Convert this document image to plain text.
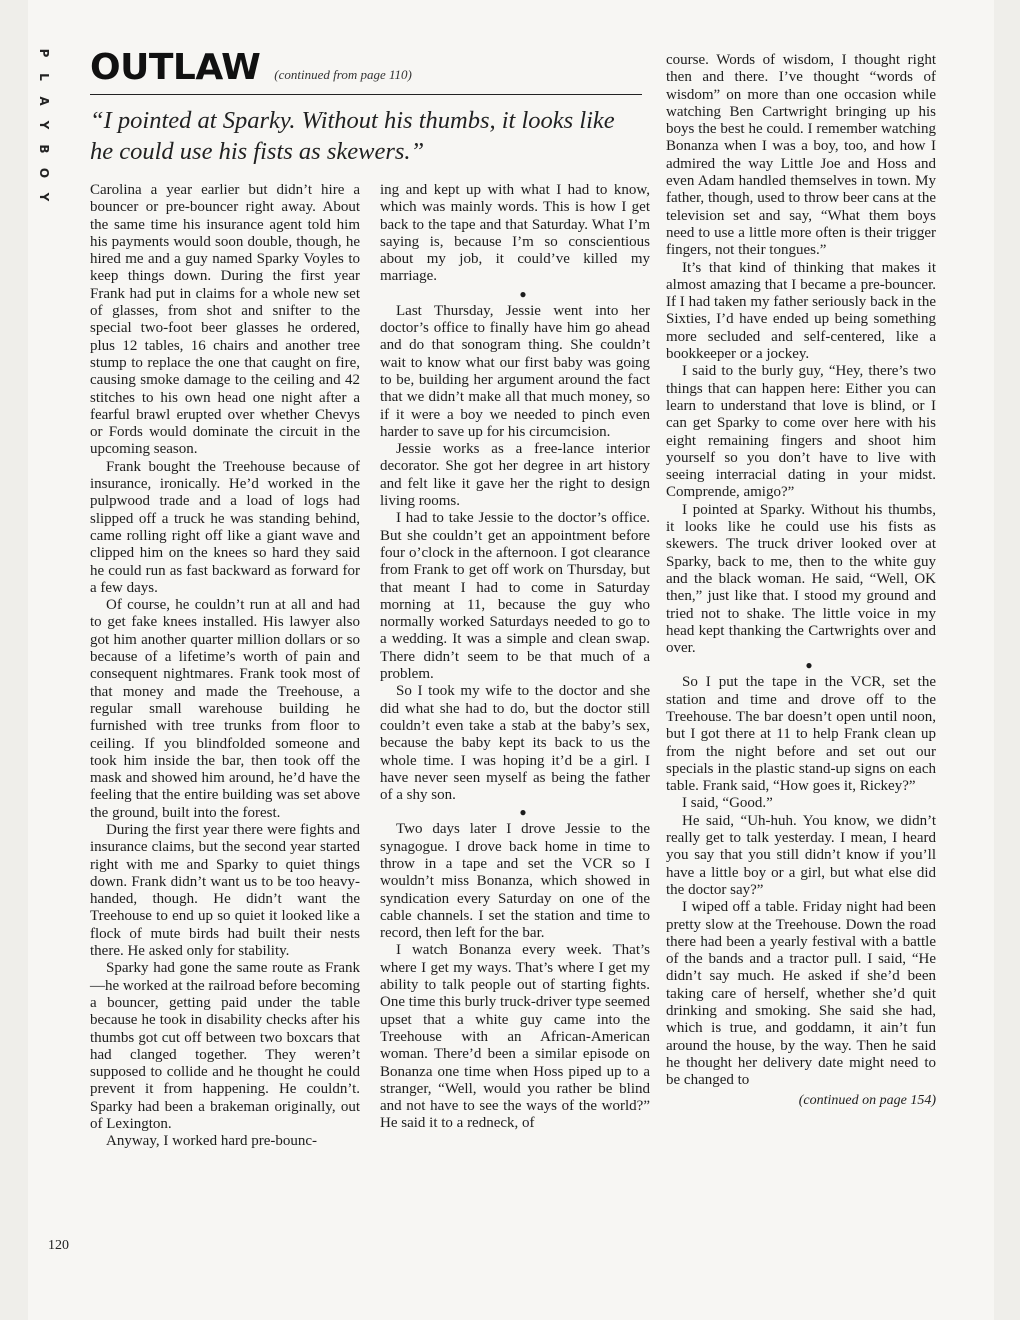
P
L
A
Y
B
O
Y
OUTLAW (continued from page 110)
“I pointed at Sparky. Without his thumbs, it looks like he could use his fists as skewers.”

Carolina a year earlier but didn’t hire a bouncer or pre-bouncer right away. About the same time his insurance agent told him his payments would soon double, though, he hired me and a guy named Sparky Voyles to keep things down. During the first year Frank had put in claims for a whole new set of glasses, from shot and snifter to the special two-foot beer glasses he ordered, plus 12 tables, 16 chairs and another tree stump to replace the one that caught on fire, causing smoke damage to the ceiling and 42 stitches to his own head one night after a fearful brawl erupted over whether Chevys or Fords would dominate the circuit in the upcoming season.

Frank bought the Treehouse because of insurance, ironically. He’d worked in the pulpwood trade and a load of logs had slipped off a truck he was standing behind, came rolling right off like a giant wave and clipped him on the knees so hard they said he could run as fast backward as forward for a few days.

Of course, he couldn’t run at all and had to get fake knees installed. His lawyer also got him another quarter million dollars or so because of a lifetime’s worth of pain and consequent nightmares. Frank took most of that money and made the Treehouse, a regular small warehouse building he furnished with tree trunks from floor to ceiling. If you blindfolded someone and took him inside the bar, then took off the mask and showed him around, he’d have the feeling that the entire building was set above the ground, built into the forest.

During the first year there were fights and insurance claims, but the second year started right with me and Sparky to quiet things down. Frank didn’t want us to be too heavy-handed, though. He didn’t want the Treehouse to end up so quiet it looked like a flock of mute birds had built their nests there. He asked only for stability.

Sparky had gone the same route as Frank—he worked at the railroad before becoming a bouncer, getting paid under the table because he took in disability checks after his thumbs got cut off between two boxcars that had clanged together. They weren’t supposed to collide and he thought he could prevent it from happening. He couldn’t. Sparky had been a brakeman originally, out of Lexington.

Anyway, I worked hard pre-bounc-

ing and kept up with what I had to know, which was mainly words. This is how I get back to the tape and that Saturday. What I’m saying is, because I’m so conscientious about my job, it could’ve killed my marriage.

●

Last Thursday, Jessie went into her doctor’s office to finally have him go ahead and do that sonogram thing. She couldn’t wait to know what our first baby was going to be, building her argument around the fact that we didn’t make all that much money, so if it were a boy we needed to pinch even harder to save up for his circumcision.

Jessie works as a free-lance interior decorator. She got her degree in art history and felt like it gave her the right to design living rooms.

I had to take Jessie to the doctor’s office. But she couldn’t get an appointment before four o’clock in the afternoon. I got clearance from Frank to get off work on Thursday, but that meant I had to come in Saturday morning at 11, because the guy who normally worked Saturdays needed to go to a wedding. It was a simple and clean swap. There didn’t seem to be that much of a problem.

So I took my wife to the doctor and she did what she had to do, but the doctor still couldn’t even take a stab at the baby’s sex, because the baby kept its back to us the whole time. I was hoping it’d be a girl. I have never seen myself as being the father of a shy son.

●

Two days later I drove Jessie to the synagogue. I drove back home in time to throw in a tape and set the VCR so I wouldn’t miss Bonanza, which showed in syndication every Saturday on one of the cable channels. I set the station and time to record, then left for the bar.

I watch Bonanza every week. That’s where I get my ways. That’s where I get my ability to talk people out of starting fights. One time this burly truck-driver type seemed upset that a white guy came into the Treehouse with an African-American woman. There’d been a similar episode on Bonanza one time when Hoss piped up to a stranger, “Well, would you rather be blind and not have to see the ways of the world?” He said it to a redneck, of

course. Words of wisdom, I thought right then and there. I’ve thought “words of wisdom” on more than one occasion while watching Ben Cartwright bringing up his boys the best he could. I remember watching Bonanza when I was a boy, too, and how I admired the way Little Joe and Hoss and even Adam handled themselves in town. My father, though, used to throw beer cans at the television set and say, “What them boys need to use a little more often is their trigger fingers, not their tongues.”

It’s that kind of thinking that makes it almost amazing that I became a pre-bouncer. If I had taken my father seriously back in the Sixties, I’d have ended up being something more secluded and self-centered, like a bookkeeper or a jockey.

I said to the burly guy, “Hey, there’s two things that can happen here: Either you can learn to understand that love is blind, or I can get Sparky to come over here with his eight remaining fingers and shoot him yourself so you don’t have to live with seeing interracial dating in your midst. Comprende, amigo?”

I pointed at Sparky. Without his thumbs, it looks like he could use his fists as skewers. The truck driver looked over at Sparky, back to me, then to the white guy and the black woman. He said, “Well, OK then,” just like that. I stood my ground and tried not to shake. The little voice in my head kept thanking the Cartwrights over and over.

●

So I put the tape in the VCR, set the station and time and drove off to the Treehouse. The bar doesn’t open until noon, but I got there at 11 to help Frank clean up from the night before and set out our specials in the plastic stand-up signs on each table. Frank said, “How goes it, Rickey?”

I said, “Good.”

He said, “Uh-huh. You know, we didn’t really get to talk yesterday. I mean, I heard you say that you still didn’t know if you’ll have a little boy or a girl, but what else did the doctor say?”

I wiped off a table. Friday night had been pretty slow at the Treehouse. Down the road there had been a yearly festival with a battle of the bands and a tractor pull. I said, “He didn’t say much. He asked if she’d been taking care of herself, whether she’d quit drinking and smoking. She said she had, which is true, and goddamn, it ain’t fun around the house, by the way. Then he said he thought her delivery date might need to be changed to

(continued on page 154)
120
